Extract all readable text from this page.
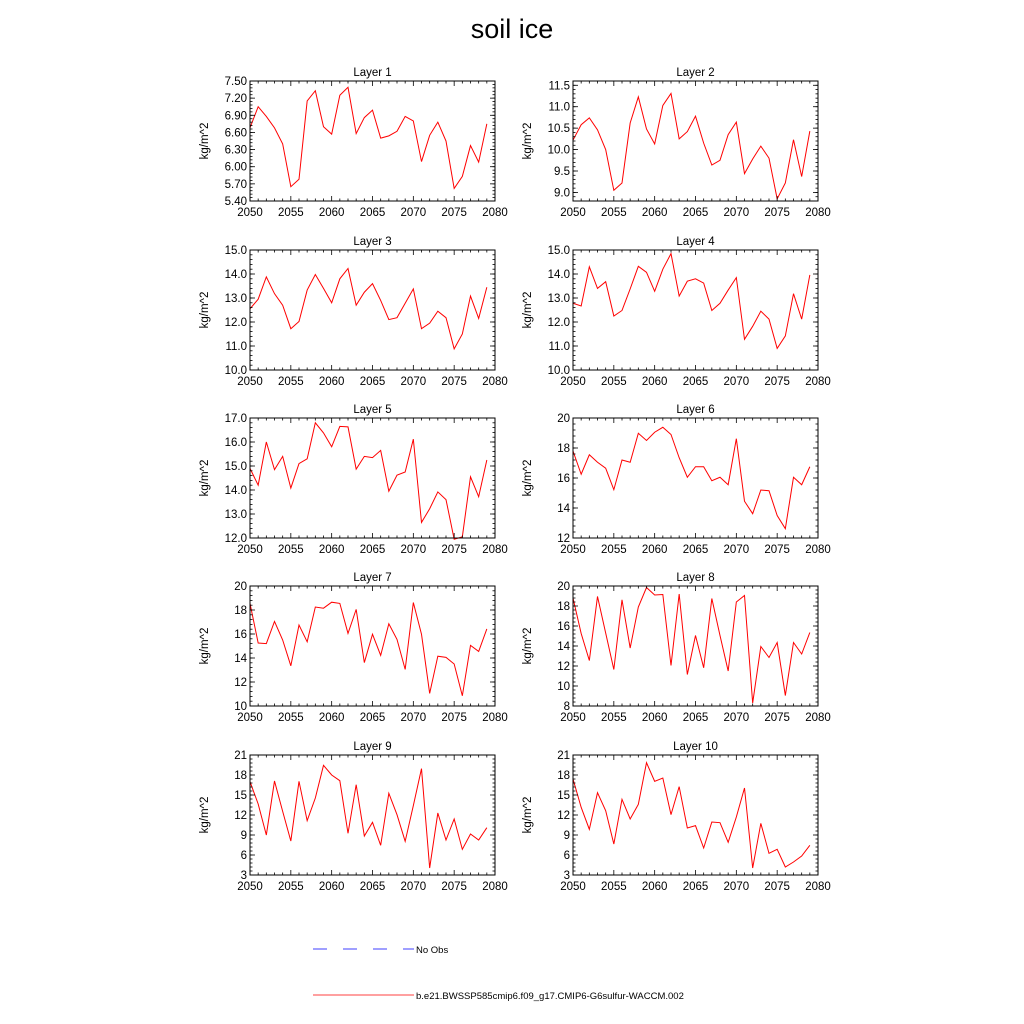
soil ice
Layer 1
2050 2055 2060 2065 2070 2075 2080
5.40
5.70
6.00
6.30
6.60
6.90
7.20
7.50
kg/m^2
Layer 2
2050 2055 2060 2065 2070 2075 2080
9.0
9.5
10.0
10.5
11.0
11.5
kg/m^2
Layer 3
2050 2055 2060 2065 2070 2075 2080
10.0
11.0
12.0
13.0
14.0
15.0
kg/m^2
Layer 4
2050 2055 2060 2065 2070 2075 2080
10.0
11.0
12.0
13.0
14.0
15.0
kg/m^2
Layer 5
2050 2055 2060 2065 2070 2075 2080
12.0
13.0
14.0
15.0
16.0
17.0
kg/m^2
Layer 6
2050 2055 2060 2065 2070 2075 2080
12
14
16
18
20
kg/m^2
Layer 7
2050 2055 2060 2065 2070 2075 2080
10
12
14
16
18
20
kg/m^2
Layer 8
2050 2055 2060 2065 2070 2075 2080
8
10
12
14
16
18
20
kg/m^2
Layer 9
2050 2055 2060 2065 2070 2075 2080
3
6
9
12
15
18
21
kg/m^2
Layer 10
2050 2055 2060 2065 2070 2075 2080
3
6
9
12
15
18
21
kg/m^2
No Obs
b.e21.BWSSP585cmip6.f09_g17.CMIP6-G6sulfur-WACCM.002
